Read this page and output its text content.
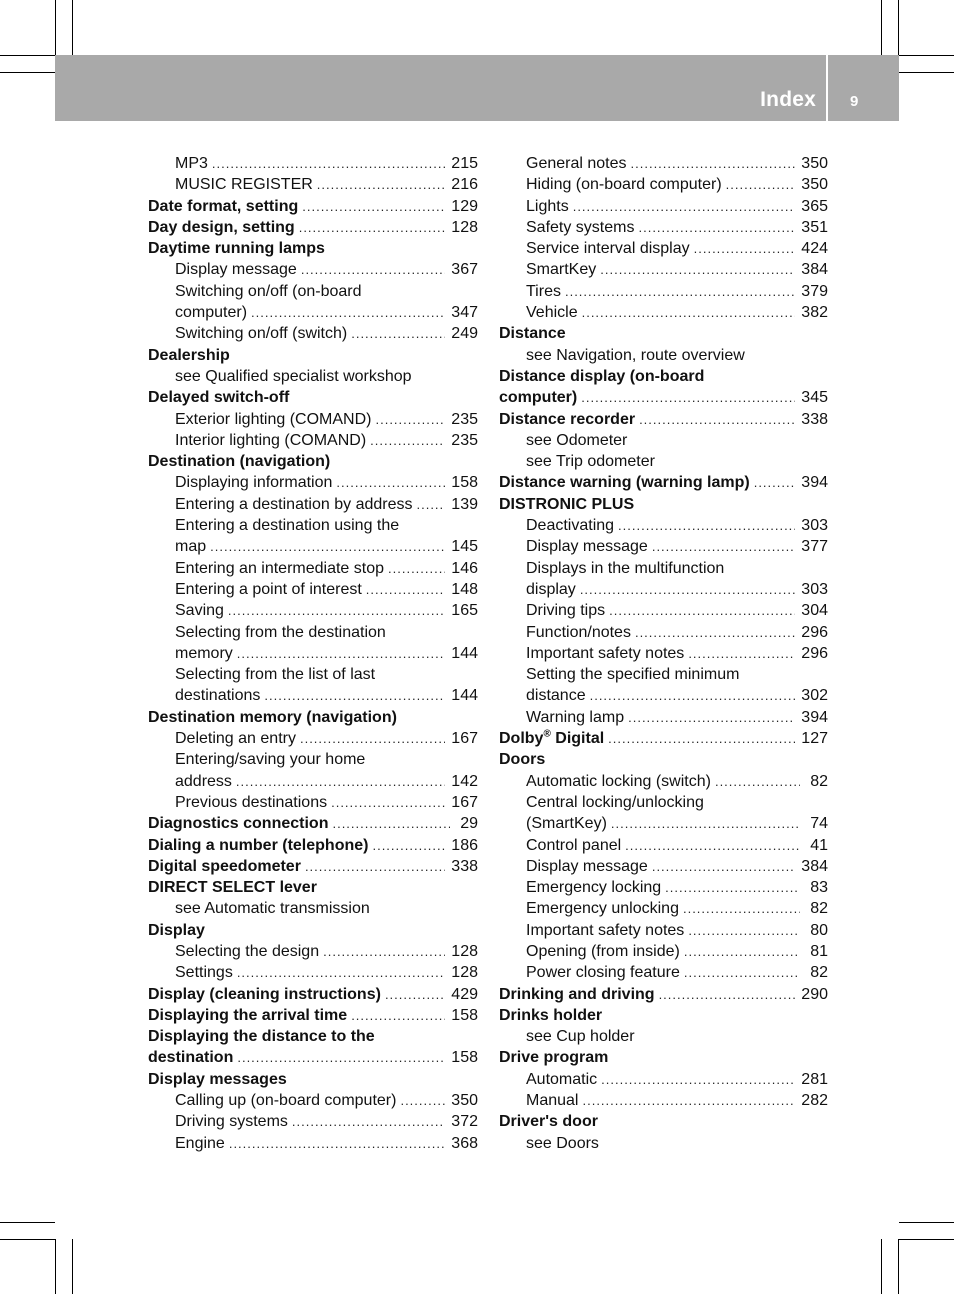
Index 9
MP3 .....	215
MUSIC REGISTER .....	216
Date format, setting .....	129
Day design, setting .....	128
Daytime running lamps
Display message .....	367
Switching on/off (on-board
computer) .....	347
Switching on/off (switch) .....	249
Dealership
see Qualified specialist workshop
Delayed switch-off
Exterior lighting (COMAND) .....	235
Interior lighting (COMAND) .....	235
Destination (navigation)
Displaying information .....	158
Entering a destination by address ..... 139
Entering a destination using the
map .....	145
Entering an intermediate stop .....	146
Entering a point of interest .....	148
Saving .....	165
Selecting from the destination
memory .....	144
Selecting from the list of last
destinations .....	144
Destination memory (navigation)
Deleting an entry .....	167
Entering/saving your home
address .....	142
Previous destinations .....	167
Diagnostics connection .....	29
Dialing a number (telephone) .....	186
Digital speedometer .....	338
DIRECT SELECT lever
see Automatic transmission
Display
Selecting the design .....	128
Settings .....	128
Display (cleaning instructions) .....	429
Displaying the arrival time .....	158
Displaying the distance to the
destination .....	158
Display messages
Calling up (on-board computer) .....	350
Driving systems .....	372
Engine .....	368
General notes .....	350
Hiding (on-board computer) .....	350
Lights .....	365
Safety systems .....	351
Service interval display .....	424
SmartKey .....	384
Tires .....	379
Vehicle .....	382
Distance
see Navigation, route overview
Distance display (on-board
computer) .....	345
Distance recorder .....	338
see Odometer
see Trip odometer
Distance warning (warning lamp) .....	394
DISTRONIC PLUS
Deactivating .....	303
Display message .....	377
Displays in the multifunction
display .....	303
Driving tips .....	304
Function/notes .....	296
Important safety notes .....	296
Setting the specified minimum
distance .....	302
Warning lamp .....	394
Dolby® Digital .....	127
Doors
Automatic locking (switch) .....	82
Central locking/unlocking
(SmartKey) .....	74
Control panel .....	41
Display message .....	384
Emergency locking .....	83
Emergency unlocking .....	82
Important safety notes .....	80
Opening (from inside) .....	81
Power closing feature .....	82
Drinking and driving .....	290
Drinks holder
see Cup holder
Drive program
Automatic .....	281
Manual .....	282
Driver's door
see Doors
